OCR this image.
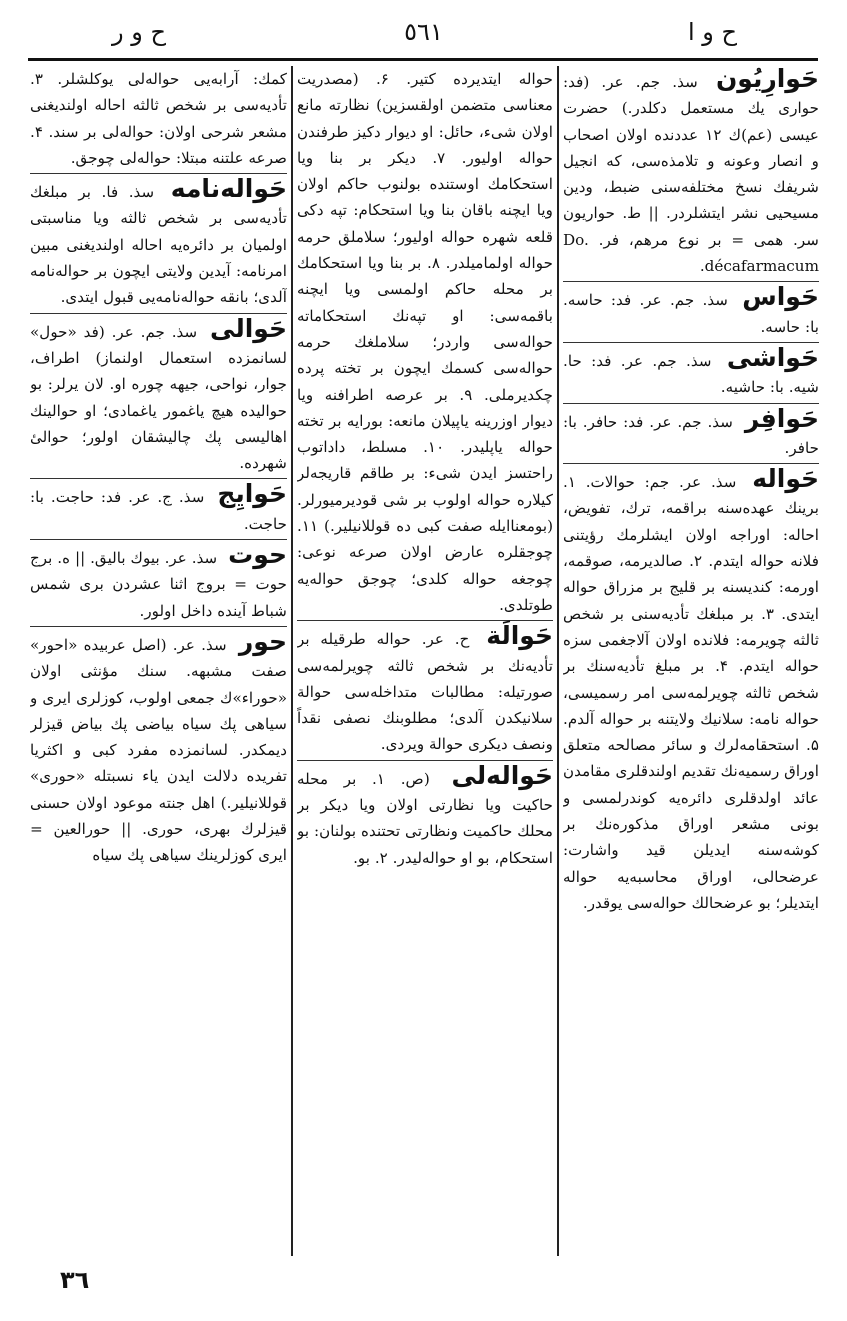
ح و ا
٥٦١
ح و ر
حَوارِیُون سذ. جم. عر. (فد: حواری یك مستعمل دكلدر.) حضرت عیسی (عم)ك ۱۲ عددنده اولان اصحاب و انصار وعونه و تلامذه‌سی، كه انجیل شریفك نسخ مختلفه‌سنی ضبط، ودین مسیحیی نشر ایتشلردر. || ط. حواریون سر. همی = بر نوع مرهم، فر. Do. décafarmacum.
حَواس سذ. جم. عر. فد: حاسه. با: حاسه.
حَواشی سذ. جم. عر. فد: حا. شیه. با: حاشیه.
حَوافِر سذ. جم. عر. فد: حافر. با: حافر.
حَواله سذ. عر. جم: حوالات. ۱. برینك عهده‌سنه براقمه، ترك، تفویض، احاله: اوراجه اولان ایشلرمك رؤیتنی فلانه حواله ایتدم. ۲. صالدیرمه، صوقمه، اورمه: كندیسنه بر قلیج بر مزراق حواله ایتدی. ۳. بر مبلغك تأدیه‌سنی بر شخص ثالثه چویرمه: فلانده اولان آلاجغمی سزه حواله ایتدم. ۴. بر مبلغ تأدیه‌سنك بر شخص ثالثه چویرلمه‌سی امر رسمیسی، حواله نامه: سلانیك ولایتنه بر حواله آلدم. ۵. استحقامه‌لرك و سائر مصالحه متعلق اوراق رسمیه‌نك تقدیم اولندقلری مقامدن عائد اولدقلری دائره‌یه كوندرلمسی و بونی مشعر اوراق مذكوره‌نك بر كوشه‌سنه ایدیلن قید واشارت: عرضحالی، اوراق محاسبه‌یه حواله ایتدیلر؛ بو عرضحالك حواله‌سی یوقدر.
حواله ایتدیرده كتیر. ۶. (مصدریت معناسی متضمن اولقسزین) نظارته مانع اولان شیء، حائل: او دیوار دكیز طرفندن حواله اولیور. ۷. دیكر بر بنا ویا استحكامك اوستنده بولنوب حاكم اولان ویا ایچنه باقان بنا ویا استحكام: تپه دكی قلعه شهره حواله اولیور؛ سلاملق حرمه حواله اولمامیلدر. ۸. بر بنا ویا استحكامك بر محله حاكم اولمسی ویا ایچنه باقمه‌سی: او تپه‌نك استحكاماته حواله‌سی واردر؛ سلاملغك حرمه حواله‌سی كسمك ایچون بر تخته پرده چكدیرملی. ۹. بر عرصه اطرافنه ویا دیوار اوزرینه یاپیلان مانعه: بورایه بر تخته حواله یاپلیدر. ۱۰. مسلط، داداتوب راحتسز ایدن شیء: بر طاقم قاریجه‌لر كیلاره حواله اولوب بر شی قودیرمیورلر. (بومعناایله صفت كبی ده قوللانیلیر.) ۱۱. چوجقلره عارض اولان صرعه نوعی: چوجغه حواله كلدی؛ چوجق حواله‌یه طوتلدی.
حَوالَة ح. عر. حواله طرقیله بر تأدیه‌نك بر شخص ثالثه چویرلمه‌سی صورتیله: مطالبات متداخله‌سی حوالة سلانیكدن آلدی؛ مطلوبنك نصفی نقداً ونصف دیكری حوالة ویردی.
حَواله‌لی (ص. ۱. بر محله حاكیت ویا نظارتی اولان ویا دیكر بر محلك حاكمیت ونظارتی تحتنده بولنان: بو استحكام، بو او حواله‌لیدر. ۲. بو.
كمك: آرابه‌یی حواله‌لی یوكلشلر. ۳. تأدیه‌سی بر شخص ثالثه احاله اولندیغنی مشعر شرحی اولان: حواله‌لی بر سند. ۴. صرعه علتنه مبتلا: حواله‌لی چوجق.
حَواله‌نامه سذ. فا. بر مبلغك تأدیه‌سی بر شخص ثالثه ویا مناسبتی اولمیان بر دائره‌یه احاله اولندیغنی مبین امرنامه: آیدین ولایتی ایچون بر حواله‌نامه آلدی؛ بانقه حواله‌نامه‌یی قبول ایتدی.
حَوالی سذ. جم. عر. (فد «حول» لسانمزده استعمال اولنماز) اطراف، جوار، نواحی، جیهه چوره او. لان یرلر: بو حوالیده هیچ یاغمور یاغمادی؛ او حوالینك اهالیسی پك چالیشقان اولور؛ حوالیٔ شهرده.
حَوایِج سذ. ج. عر. فد: حاجت. با: حاجت.
حوت سذ. عر. بیوك بالیق. || ه. برج حوت = بروج اثنا عشردن بری شمس شباط آینده داخل اولور.
حور سذ. عر. (اصل عربیده «احور» صفت مشبهه. سنك مؤنثی اولان «حوراء»ك جمعی اولوب، كوزلری ایری و سیاهی پك سیاه بیاضی پك بیاض قیزلر دیمكدر. لسانمزده مفرد كبی و اكثریا تفریده دلالت ایدن یاء نسبتله «حوری» قوللانیلیر.) اهل جنته موعود اولان حسنی قیزلرك بهری، حوری. || حورالعین = ایری كوزلرینك سیاهی پك سیاه
٣٦
